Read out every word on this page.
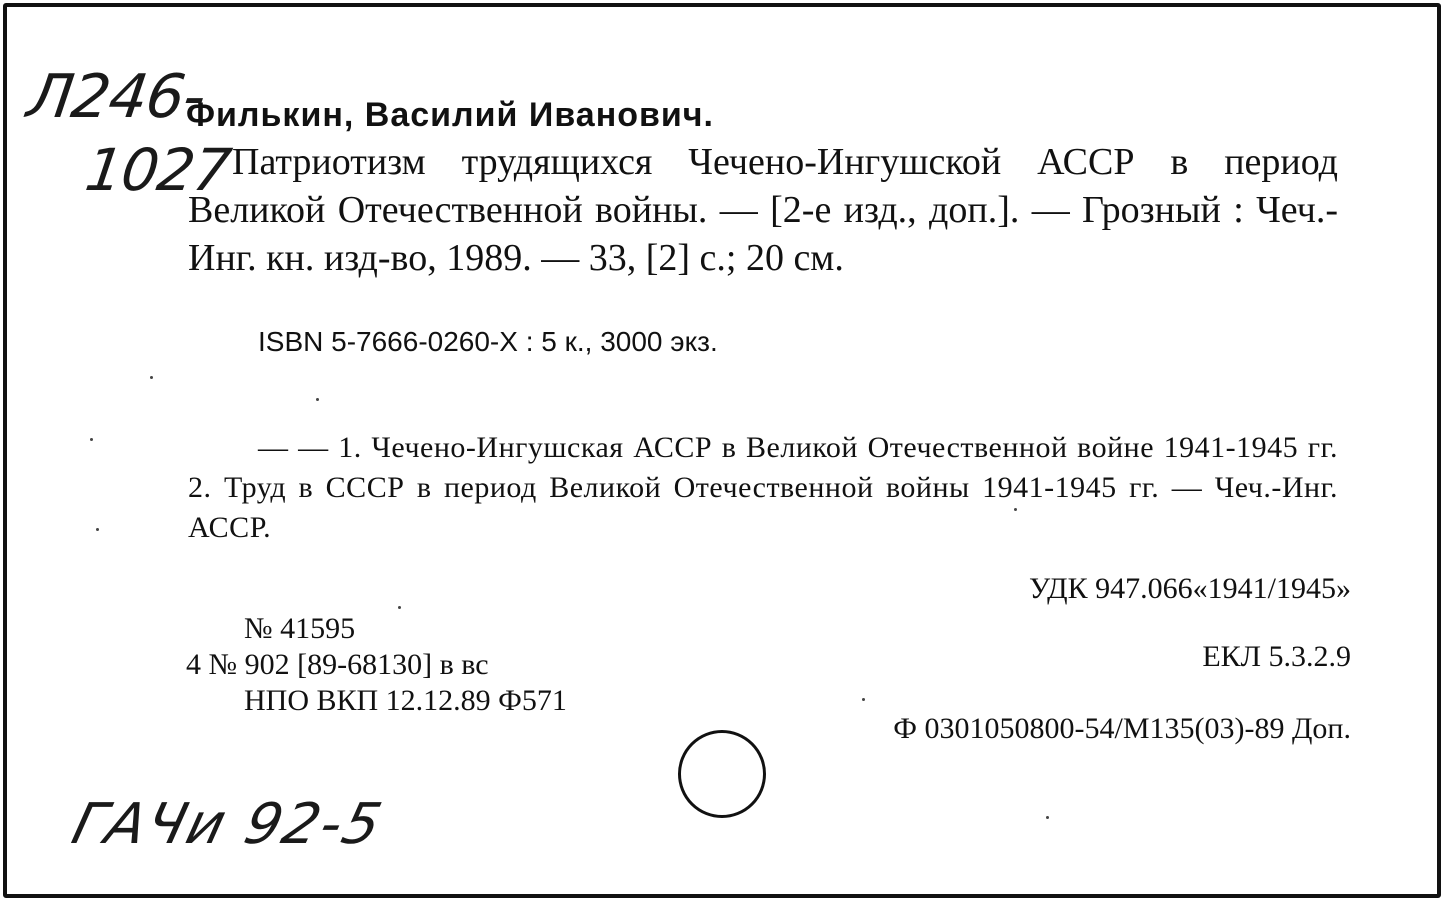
Л246-
1027
Филькин, Василий Иванович.
Патриотизм трудящихся Чечено-Ингушской АССР в период Великой Отечественной войны. — [2-е изд., доп.]. — Грозный : Чеч.-Инг. кн. изд-во, 1989. — 33, [2] с.; 20 см.
ISBN 5-7666-0260-Х : 5 к., 3000 экз.
— — 1. Чечено-Ингушская АССР в Великой Отечественной войне 1941-1945 гг. 2. Труд в СССР в период Великой Отечественной войны 1941-1945 гг. — Чеч.-Инг. АССР.
УДК 947.066«1941/1945»
№ 41595
4 № 902 [89-68130] в вс	ЕКЛ 5.3.2.9
НПО ВКП 12.12.89 Ф571
Ф 0301050800-54/М135(03)-89 Доп.
ГАЧи 92-5
